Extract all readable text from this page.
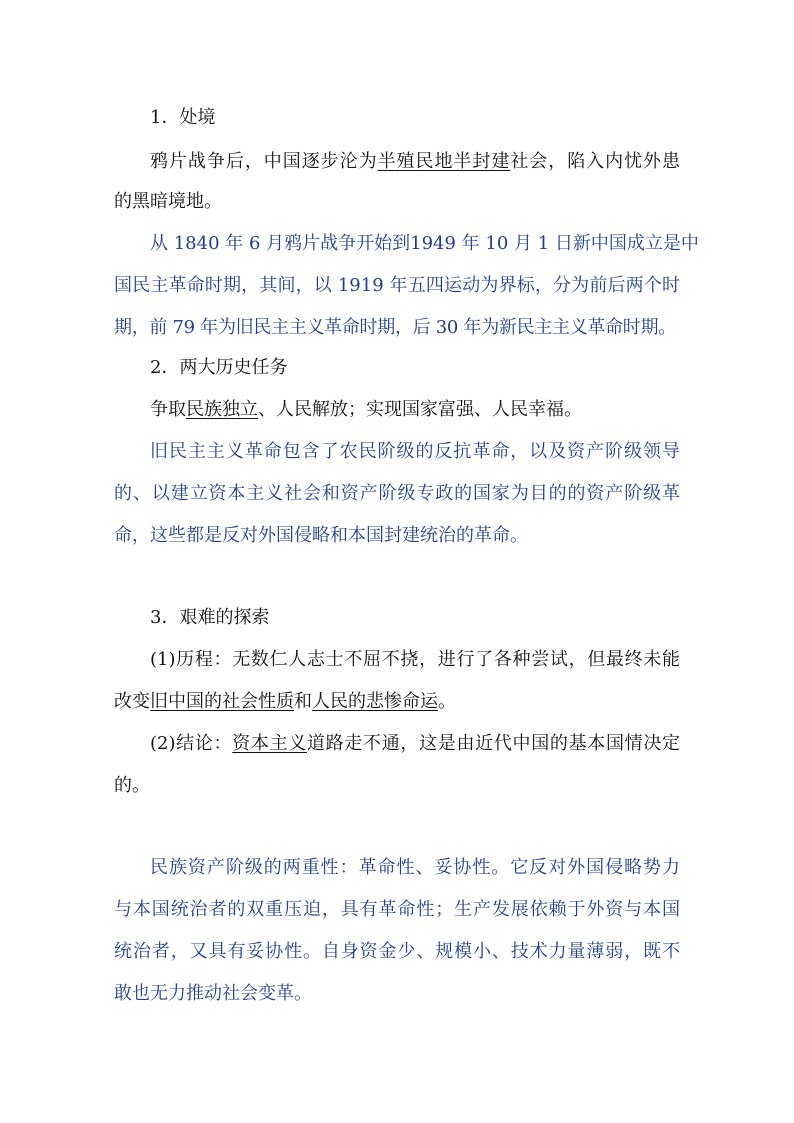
1．处境
鸦片战争后，中国逐步沦为半殖民地半封建社会，陷入内忧外患
的黑暗境地。
从 1840 年 6 月鸦片战争开始到1949 年 10 月 1 日新中国成立是中
国民主革命时期，其间，以 1919 年五四运动为界标，分为前后两个时
期，前 79 年为旧民主主义革命时期，后 30 年为新民主主义革命时期。
2．两大历史任务
争取民族独立、人民解放；实现国家富强、人民幸福。
旧民主主义革命包含了农民阶级的反抗革命，以及资产阶级领导
的、以建立资本主义社会和资产阶级专政的国家为目的的资产阶级革
命，这些都是反对外国侵略和本国封建统治的革命。
3．艰难的探索
(1)历程：无数仁人志士不屈不挠，进行了各种尝试，但最终未能
改变旧中国的社会性质和人民的悲惨命运。
(2)结论：资本主义道路走不通，这是由近代中国的基本国情决定
的。
民族资产阶级的两重性：革命性、妥协性。它反对外国侵略势力
与本国统治者的双重压迫，具有革命性；生产发展依赖于外资与本国
统治者，又具有妥协性。自身资金少、规模小、技术力量薄弱，既不
敢也无力推动社会变革。
